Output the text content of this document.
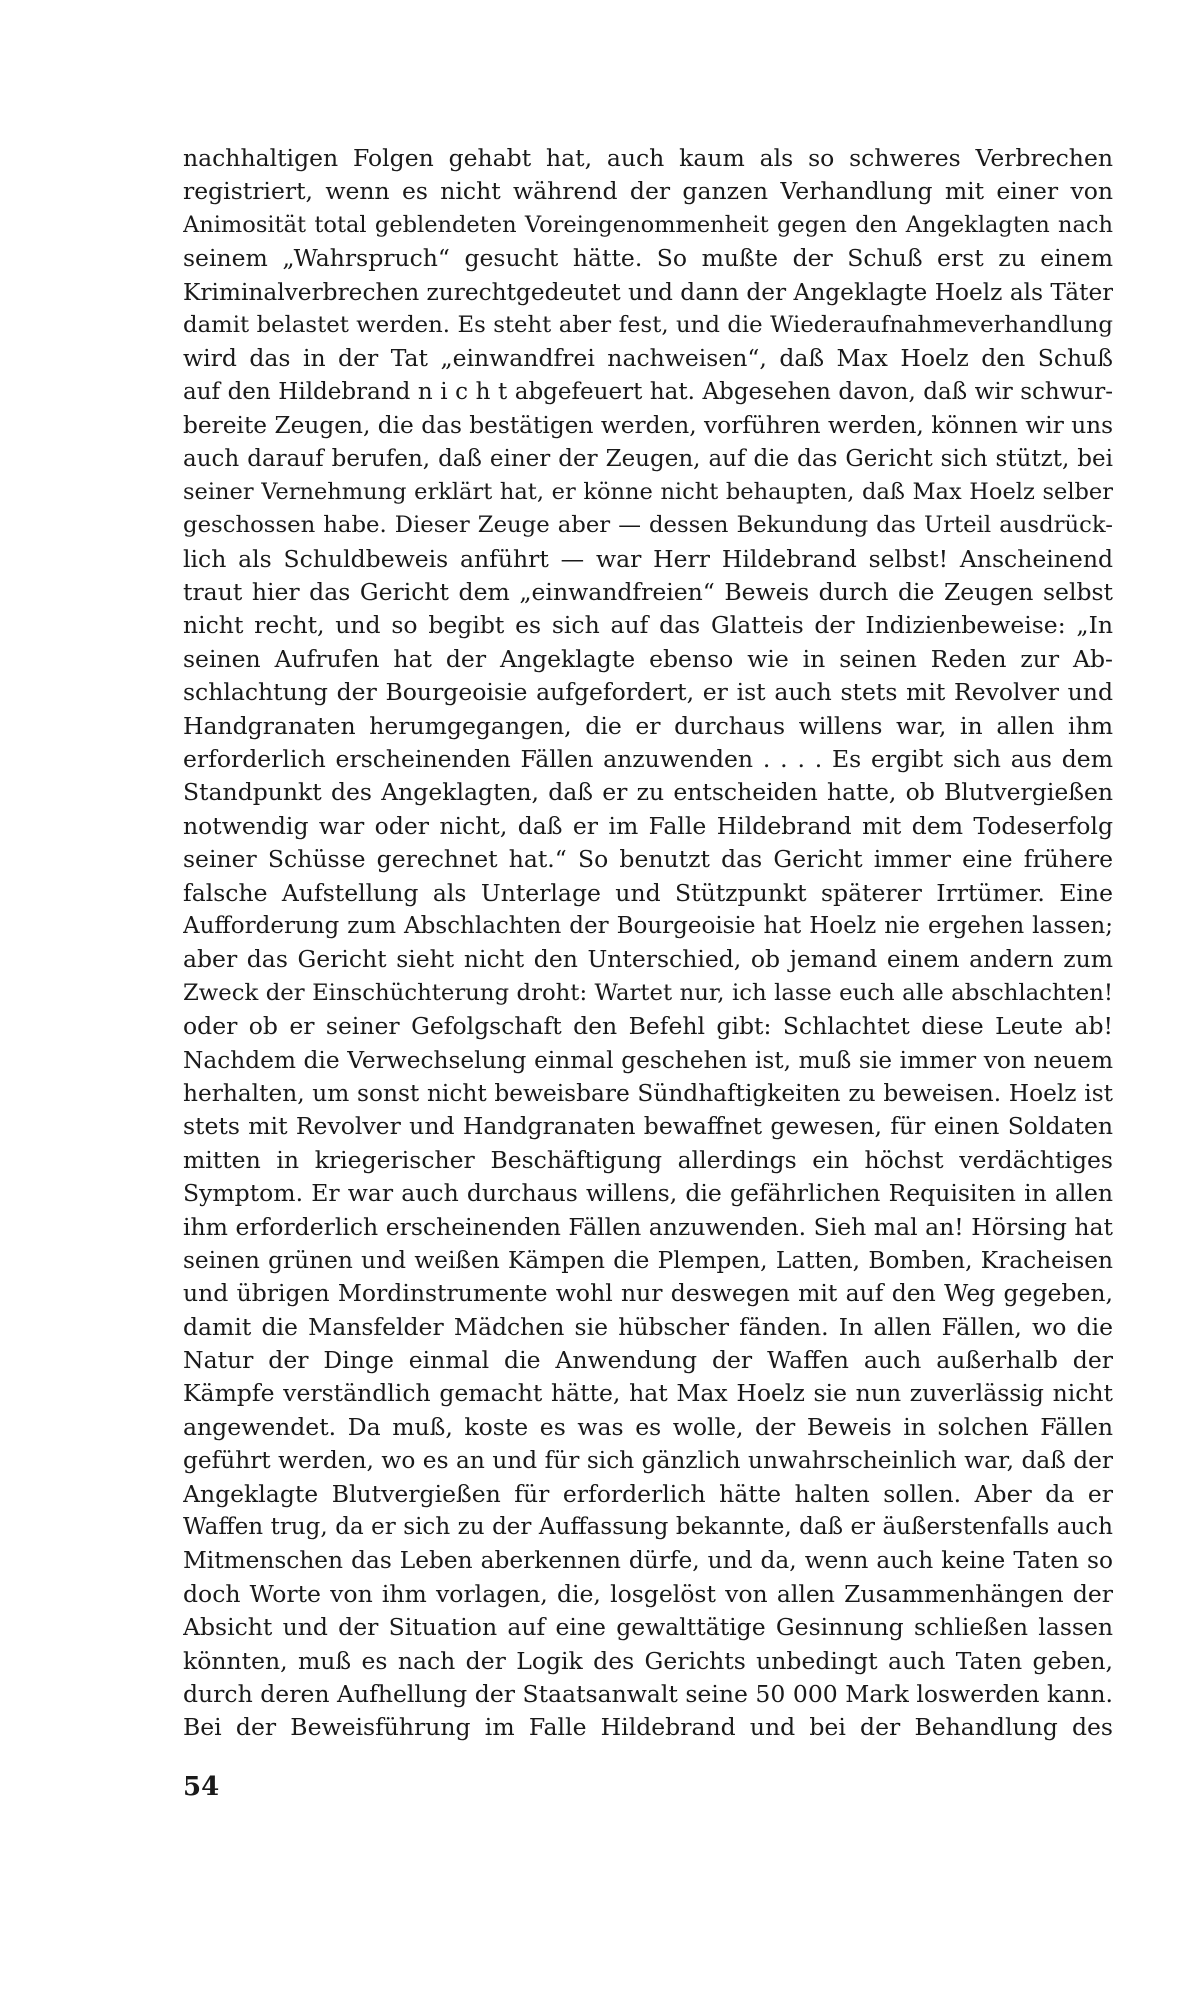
nachhaltigen Folgen gehabt hat, auch kaum als so schweres Verbrechen
registriert, wenn es nicht während der ganzen Verhandlung mit einer von
Animosität total geblendeten Voreingenommenheit gegen den Angeklagten nach
seinem „Wahrspruch“ gesucht hätte. So mußte der Schuß erst zu einem
Kriminalverbrechen zurechtgedeutet und dann der Angeklagte Hoelz als Täter
damit belastet werden. Es steht aber fest, und die Wiederaufnahmeverhandlung
wird das in der Tat „einwandfrei nachweisen“, daß Max Hoelz den Schuß
auf den Hildebrand n i c h t abgefeuert hat. Abgesehen davon, daß wir schwur-
bereite Zeugen, die das bestätigen werden, vorführen werden, können wir uns
auch darauf berufen, daß einer der Zeugen, auf die das Gericht sich stützt, bei
seiner Vernehmung erklärt hat, er könne nicht behaupten, daß Max Hoelz selber
geschossen habe. Dieser Zeuge aber — dessen Bekundung das Urteil ausdrück-
lich als Schuldbeweis anführt — war Herr Hildebrand selbst! Anscheinend
traut hier das Gericht dem „einwandfreien“ Beweis durch die Zeugen selbst
nicht recht, und so begibt es sich auf das Glatteis der Indizienbeweise: „In
seinen Aufrufen hat der Angeklagte ebenso wie in seinen Reden zur Ab-
schlachtung der Bourgeoisie aufgefordert, er ist auch stets mit Revolver und
Handgranaten herumgegangen, die er durchaus willens war, in allen ihm
erforderlich erscheinenden Fällen anzuwenden . . . . Es ergibt sich aus dem
Standpunkt des Angeklagten, daß er zu entscheiden hatte, ob Blutvergießen
notwendig war oder nicht, daß er im Falle Hildebrand mit dem Todeserfolg
seiner Schüsse gerechnet hat.“ So benutzt das Gericht immer eine frühere
falsche Aufstellung als Unterlage und Stützpunkt späterer Irrtümer. Eine
Aufforderung zum Abschlachten der Bourgeoisie hat Hoelz nie ergehen lassen;
aber das Gericht sieht nicht den Unterschied, ob jemand einem andern zum
Zweck der Einschüchterung droht: Wartet nur, ich lasse euch alle abschlachten!
oder ob er seiner Gefolgschaft den Befehl gibt: Schlachtet diese Leute ab!
Nachdem die Verwechselung einmal geschehen ist, muß sie immer von neuem
herhalten, um sonst nicht beweisbare Sündhaftigkeiten zu beweisen. Hoelz ist
stets mit Revolver und Handgranaten bewaffnet gewesen, für einen Soldaten
mitten in kriegerischer Beschäftigung allerdings ein höchst verdächtiges
Symptom. Er war auch durchaus willens, die gefährlichen Requisiten in allen
ihm erforderlich erscheinenden Fällen anzuwenden. Sieh mal an! Hörsing hat
seinen grünen und weißen Kämpen die Plempen, Latten, Bomben, Kracheisen
und übrigen Mordinstrumente wohl nur deswegen mit auf den Weg gegeben,
damit die Mansfelder Mädchen sie hübscher fänden. In allen Fällen, wo die
Natur der Dinge einmal die Anwendung der Waffen auch außerhalb der
Kämpfe verständlich gemacht hätte, hat Max Hoelz sie nun zuverlässig nicht
angewendet. Da muß, koste es was es wolle, der Beweis in solchen Fällen
geführt werden, wo es an und für sich gänzlich unwahrscheinlich war, daß der
Angeklagte Blutvergießen für erforderlich hätte halten sollen. Aber da er
Waffen trug, da er sich zu der Auffassung bekannte, daß er äußerstenfalls auch
Mitmenschen das Leben aberkennen dürfe, und da, wenn auch keine Taten so
doch Worte von ihm vorlagen, die, losgelöst von allen Zusammenhängen der
Absicht und der Situation auf eine gewalttätige Gesinnung schließen lassen
könnten, muß es nach der Logik des Gerichts unbedingt auch Taten geben,
durch deren Aufhellung der Staatsanwalt seine 50 000 Mark loswerden kann.
Bei der Beweisführung im Falle Hildebrand und bei der Behandlung des
54
